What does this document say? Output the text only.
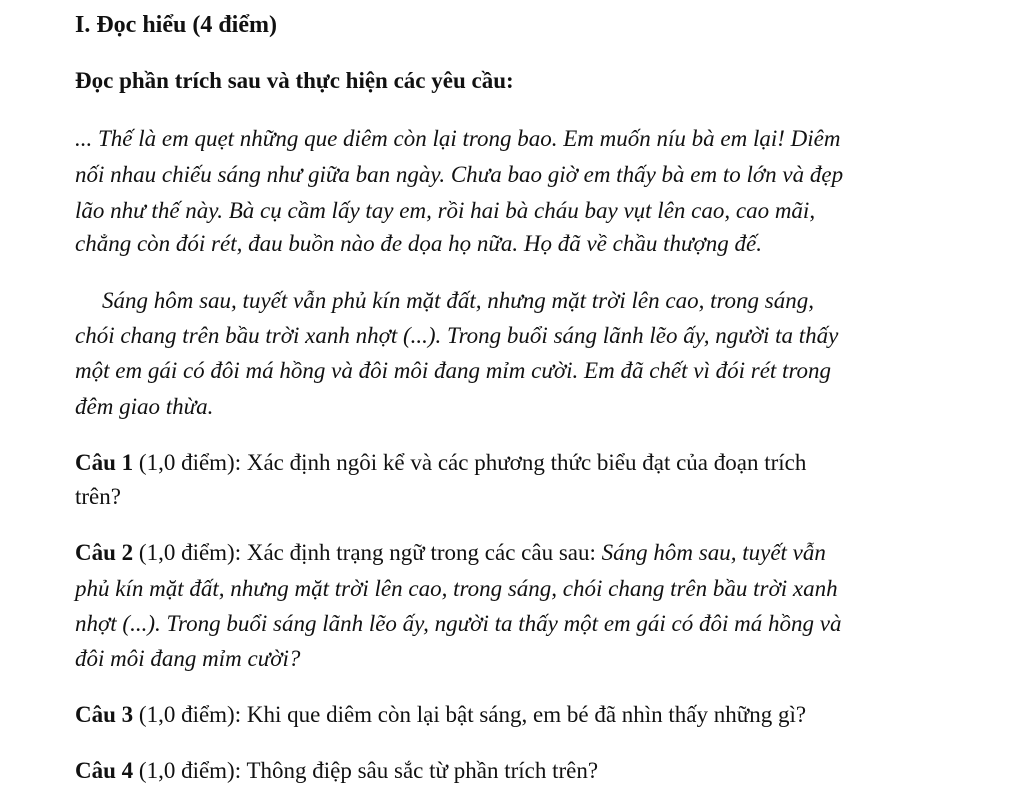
I. Đọc hiểu (4 điểm)
Đọc phần trích sau và thực hiện các yêu cầu:
... Thế là em quẹt những que diêm còn lại trong bao. Em muốn níu bà em lại! Diêm
nối nhau chiếu sáng như giữa ban ngày. Chưa bao giờ em thấy bà em to lớn và đẹp
lão như thế này. Bà cụ cầm lấy tay em, rồi hai bà cháu bay vụt lên cao, cao mãi,
chẳng còn đói rét, đau buồn nào đe dọa họ nữa. Họ đã về chầu thượng đế.
Sáng hôm sau, tuyết vẫn phủ kín mặt đất, nhưng mặt trời lên cao, trong sáng,
chói chang trên bầu trời xanh nhợt (...). Trong buổi sáng lãnh lẽo ấy, người ta thấy
một em gái có đôi má hồng và đôi môi đang mỉm cười. Em đã chết vì đói rét trong
đêm giao thừa.
Câu 1 (1,0 điểm): Xác định ngôi kể và các phương thức biểu đạt của đoạn trích
trên?
Câu 2 (1,0 điểm): Xác định trạng ngữ trong các câu sau: Sáng hôm sau, tuyết vẫn
phủ kín mặt đất, nhưng mặt trời lên cao, trong sáng, chói chang trên bầu trời xanh
nhợt (...). Trong buổi sáng lãnh lẽo ấy, người ta thấy một em gái có đôi má hồng và
đôi môi đang mỉm cười?
Câu 3 (1,0 điểm): Khi que diêm còn lại bật sáng, em bé đã nhìn thấy những gì?
Câu 4 (1,0 điểm): Thông điệp sâu sắc từ phần trích trên?
